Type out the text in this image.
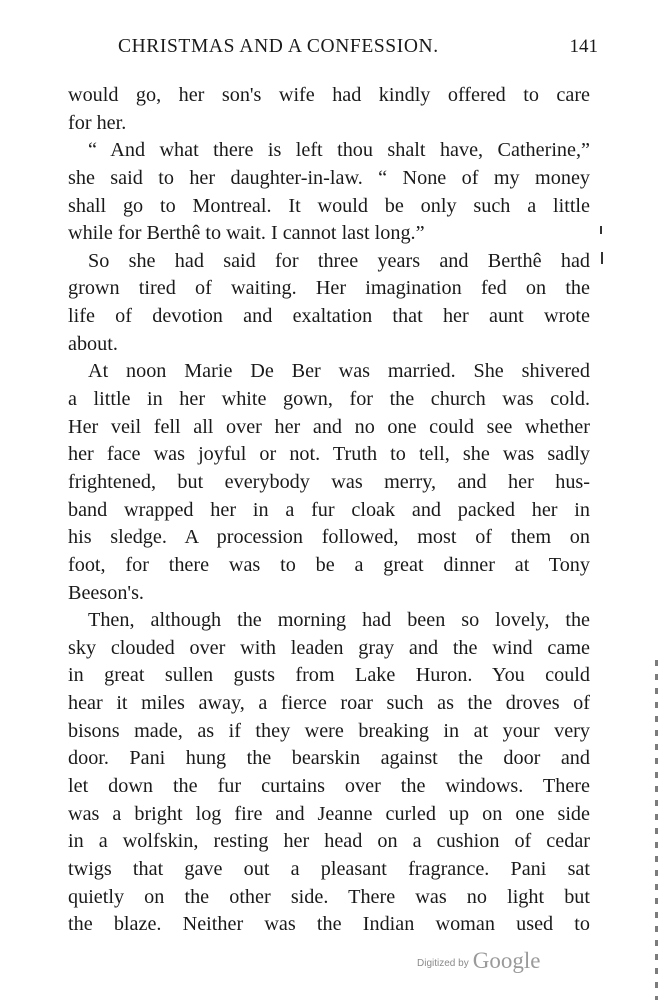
CHRISTMAS AND A CONFESSION.	141
would go, her son's wife had kindly offered to care
for her.
“ And what there is left thou shalt have, Catherine,”
she said to her daughter-in-law. “ None of my money
shall go to Montreal. It would be only such a little
while for Berthê to wait. I cannot last long.”
So she had said for three years and Berthê had
grown tired of waiting. Her imagination fed on the
life of devotion and exaltation that her aunt wrote
about.
At noon Marie De Ber was married. She shivered
a little in her white gown, for the church was cold.
Her veil fell all over her and no one could see whether
her face was joyful or not. Truth to tell, she was sadly
frightened, but everybody was merry, and her hus-
band wrapped her in a fur cloak and packed her in
his sledge. A procession followed, most of them on
foot, for there was to be a great dinner at Tony
Beeson's.
Then, although the morning had been so lovely, the
sky clouded over with leaden gray and the wind came
in great sullen gusts from Lake Huron. You could
hear it miles away, a fierce roar such as the droves of
bisons made, as if they were breaking in at your very
door. Pani hung the bearskin against the door and
let down the fur curtains over the windows. There
was a bright log fire and Jeanne curled up on one side
in a wolfskin, resting her head on a cushion of cedar
twigs that gave out a pleasant fragrance. Pani sat
quietly on the other side. There was no light but
the blaze. Neither was the Indian woman used to
Digitized by Google
